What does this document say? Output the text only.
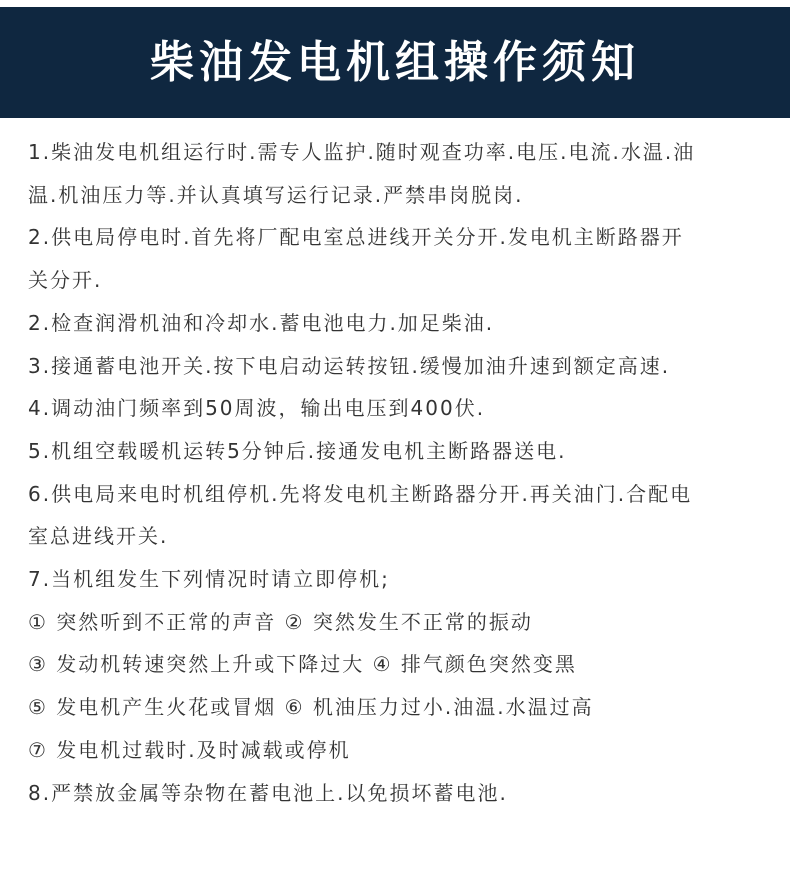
柴油发电机组操作须知
1.柴油发电机组运行时.需专人监护.随时观查功率.电压.电流.水温.油
温.机油压力等.并认真填写运行记录.严禁串岗脱岗.
2.供电局停电时.首先将厂配电室总进线开关分开.发电机主断路器开
关分开.
2.检查润滑机油和冷却水.蓄电池电力.加足柴油.
3.接通蓄电池开关.按下电启动运转按钮.缓慢加油升速到额定高速.
4.调动油门频率到50周波，输出电压到400伏.
5.机组空载暖机运转5分钟后.接通发电机主断路器送电.
6.供电局来电时机组停机.先将发电机主断路器分开.再关油门.合配电
室总进线开关.
7.当机组发生下列情况时请立即停机;
① 突然听到不正常的声音 ② 突然发生不正常的振动
③ 发动机转速突然上升或下降过大 ④ 排气颜色突然变黑
⑤ 发电机产生火花或冒烟 ⑥ 机油压力过小.油温.水温过高
⑦ 发电机过载时.及时减载或停机
8.严禁放金属等杂物在蓄电池上.以免损坏蓄电池.
